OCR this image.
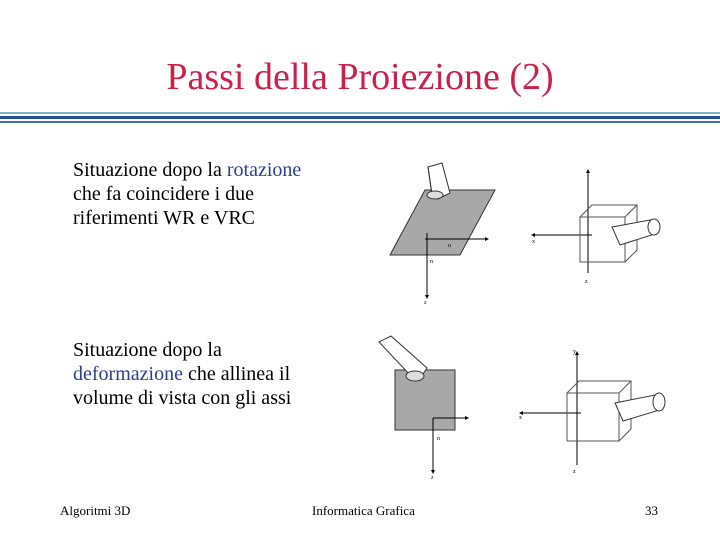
Passi della Proiezione (2)
Situazione dopo la rotazione che fa coincidere i due riferimenti WR e VRC
Situazione dopo la deformazione che allinea il volume di vista con gli assi
u
n
z
x
z
n
z
y
x
z
Algoritmi 3D	Informatica Grafica	33
